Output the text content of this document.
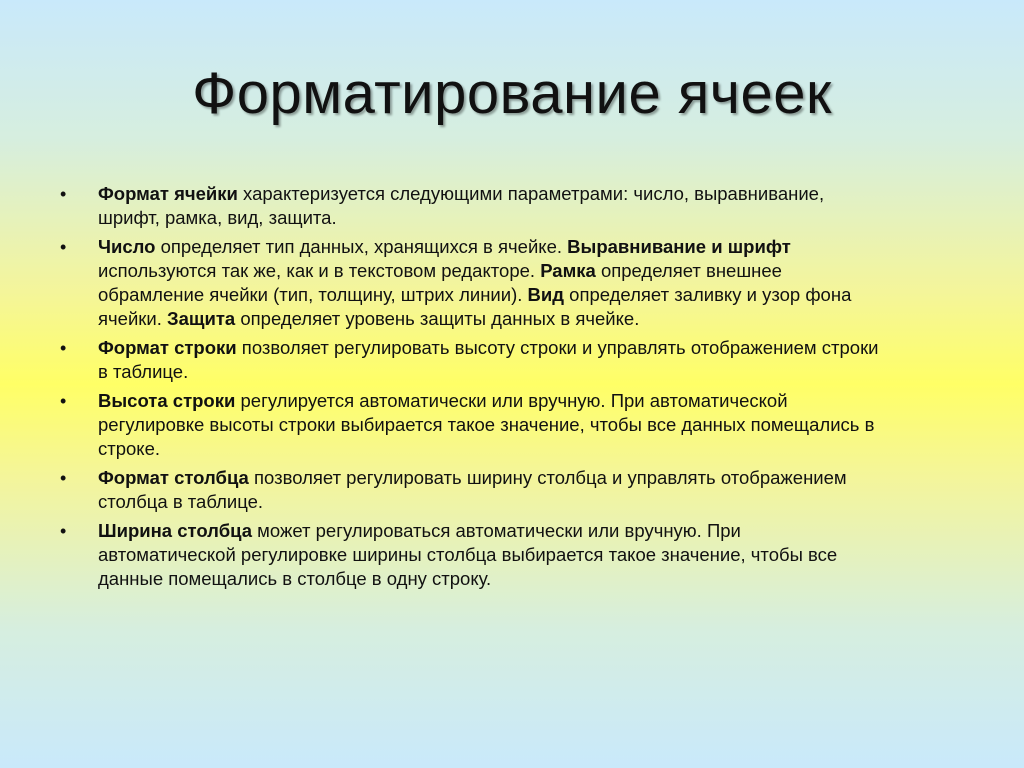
Форматирование ячеек
•	Формат ячейки характеризуется следующими параметрами: число, выравнивание, шрифт, рамка, вид, защита.
•	Число определяет тип данных, хранящихся в ячейке. Выравнивание и шрифт используются так же, как и в текстовом редакторе. Рамка определяет внешнее обрамление ячейки (тип, толщину, штрих линии). Вид определяет заливку и узор фона ячейки. Защита определяет уровень защиты данных в ячейке.
•	Формат строки позволяет регулировать высоту строки и управлять отображением строки в таблице.
•	Высота строки регулируется автоматически или вручную. При автоматической регулировке высоты строки выбирается такое значение, чтобы все данных помещались в строке.
•	Формат столбца позволяет регулировать ширину столбца и управлять отображением столбца в таблице.
•	Ширина столбца может регулироваться автоматически или вручную. При автоматической регулировке ширины столбца выбирается такое значение, чтобы все данные помещались в столбце в одну строку.
